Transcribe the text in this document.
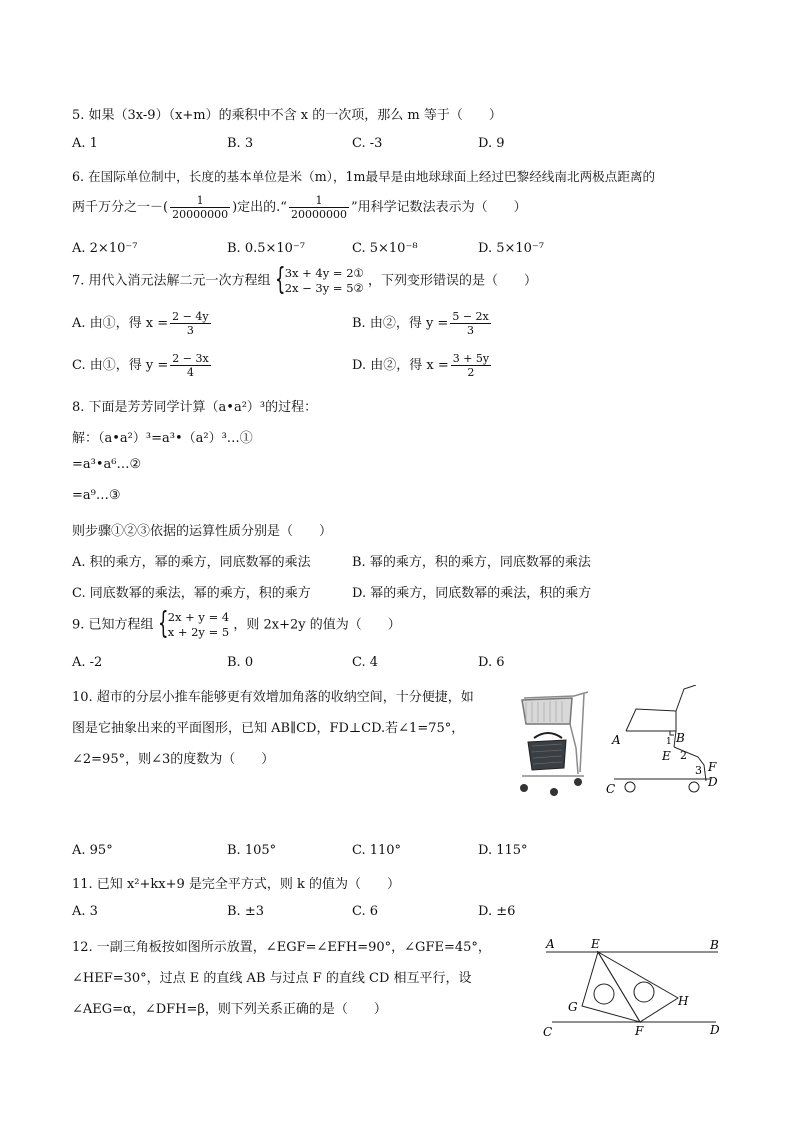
5. 如果（3x-9）（x+m）的乘积中不含 x 的一次项，那么 m 等于（　　）
A. 1	B. 3	C. -3	D. 9
6. 在国际单位制中，长度的基本单位是米（m），1m最早是由地球球面上经过巴黎经线南北两极点距离的
两千万分之一－( $\frac{1}{20000000}$ )定出的.“ $\frac{1}{20000000}$ ”用科学记数法表示为（　　）
A. 2×10⁻⁷	B. 0.5×10⁻⁷	C. 5×10⁻⁸	D. 5×10⁻⁷
7. 用代入消元法解二元一次方程组 { 3x + 4y = 2①
2x − 3y = 5② ，下列变形错误的是（　　）
A. 由①，得 $x = \frac{2 - 4y}{3}$	B. 由②，得 $y = \frac{5 - 2x}{3}$
C. 由①，得 $y = \frac{2 - 3x}{4}$	D. 由②，得 $x = \frac{3 + 5y}{2}$
8. 下面是芳芳同学计算（a•a²）³的过程：
解：（a•a²）³=a³•（a²）³…①
=a³•a⁶…②
=a⁹…③
则步骤①②③依据的运算性质分别是（　　）
A. 积的乘方，幂的乘方，同底数幂的乘法	B. 幂的乘方，积的乘方，同底数幂的乘法
C. 同底数幂的乘法，幂的乘方，积的乘方	D. 幂的乘方，同底数幂的乘法，积的乘方
9. 已知方程组 { 2x + y = 4
x + 2y = 5 ，则 2x+2y 的值为（　　）
A. -2	B. 0	C. 4	D. 6
10. 超市的分层小推车能够更有效增加角落的收纳空间，十分便捷，如
图是它抽象出来的平面图形，已知 AB∥CD，FD⊥CD.若∠1=75°，
∠2=95°，则∠3的度数为（　　）
A	B
1
2
E
3 F
D
C
A. 95°	B. 105°	C. 110°	D. 115°
11. 已知 x²+kx+9 是完全平方式，则 k 的值为（　　）
A. 3	B. ±3	C. 6	D. ±6
12. 一副三角板按如图所示放置，∠EGF=∠EFH=90°，∠GFE=45°，
∠HEF=30°，过点 E 的直线 AB 与过点 F 的直线 CD 相互平行，设
∠AEG=α，∠DFH=β，则下列关系正确的是（　　）
A	E	B
G	H
C	F	D
